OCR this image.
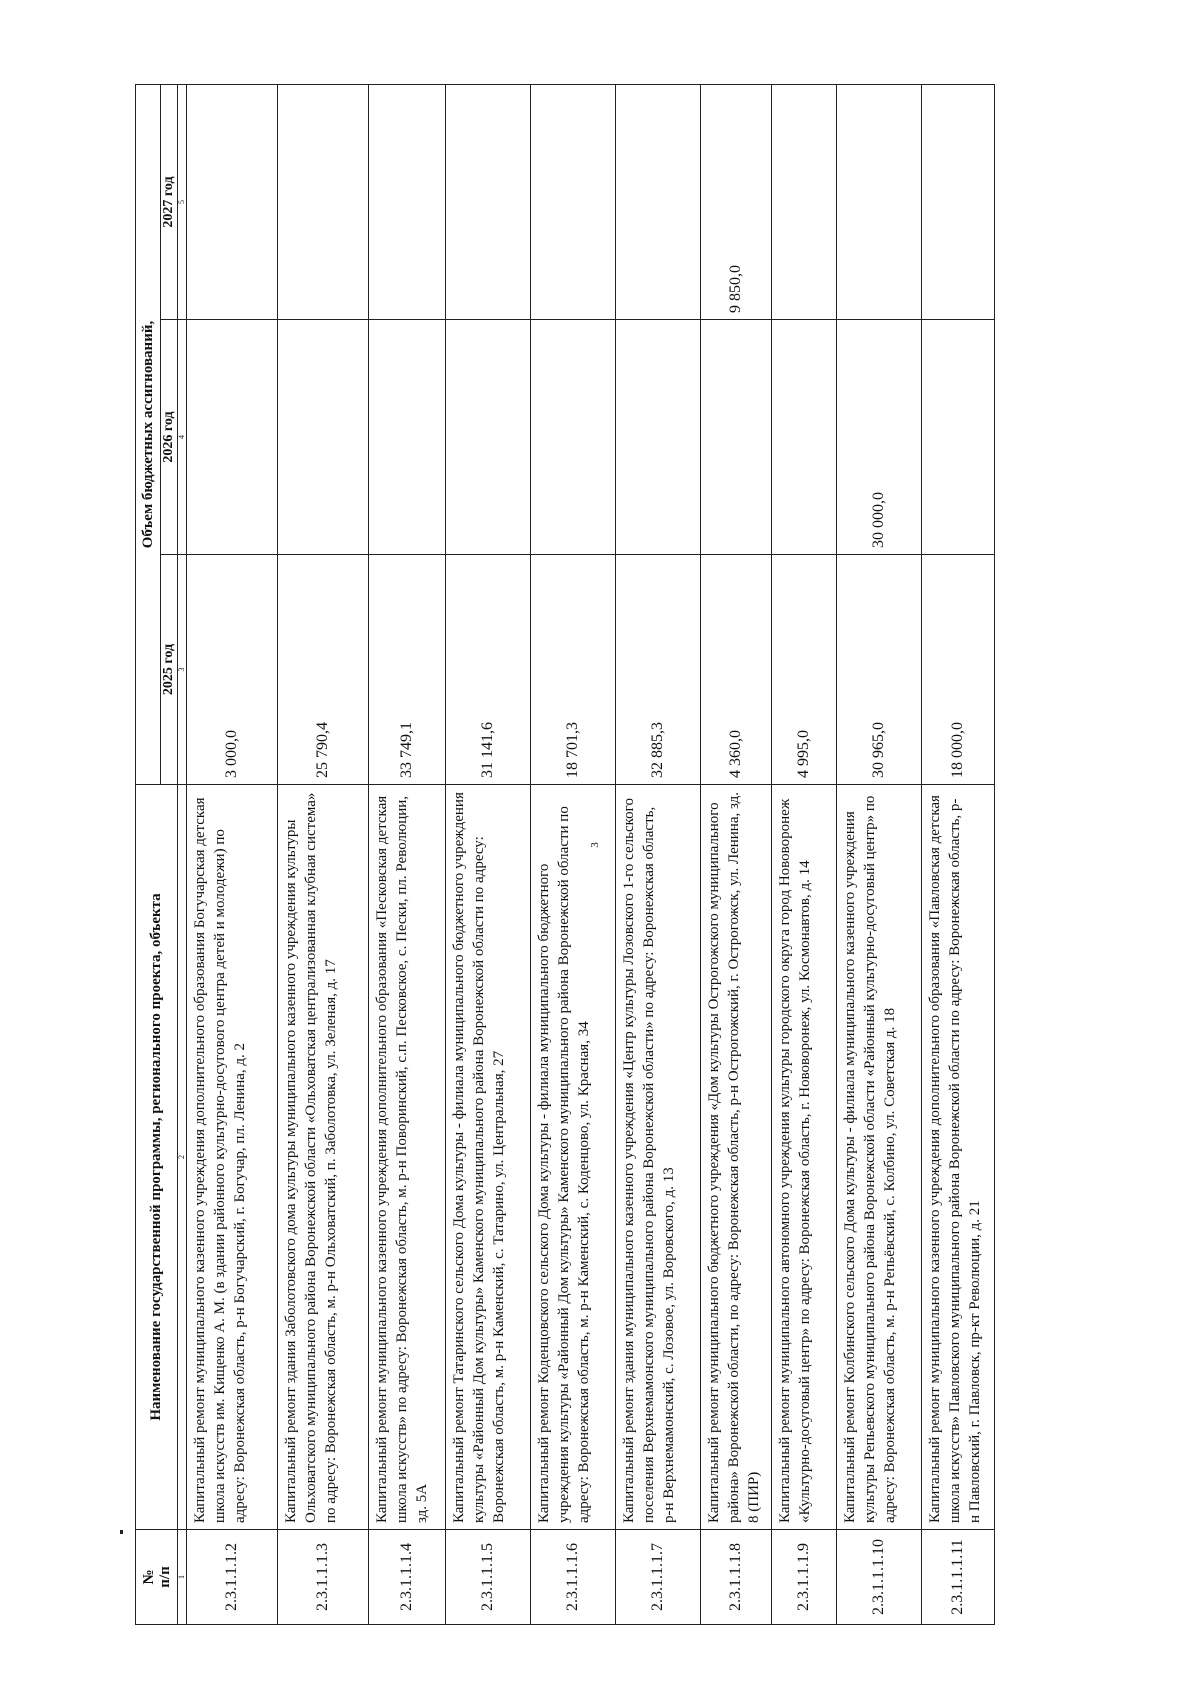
3
№
п/п	Наименование государственной программы, регионального проекта, объекта	Объем бюджетных ассигнований,		
		2025 год	2026 год	2027 год
1	2	3	4	5
2.3.1.1.1.2	Капитальный ремонт муниципального казенного учреждения дополнительного образования Богучарская детская школа искусств им. Кищенко А. М. (в здании районного культурно-досугового центра детей и молодежи) по адресу: Воронежская область, р-н Богучарский, г. Богучар, пл. Ленина, д. 2	3 000,0		
2.3.1.1.1.3	Капитальный ремонт здания Заболотовского дома культуры муниципального казенного учреждения культуры Ольховатского муниципального района Воронежской области «Ольховатская централизованная клубная система» по адресу: Воронежская область, м. р-н Ольховатский, п. Заболотовка, ул. Зеленая, д. 17	25 790,4		
2.3.1.1.1.4	Капитальный ремонт муниципального казенного учреждения дополнительного образования «Песковская детская школа искусств» по адресу: Воронежская область, м. р-н Поворинский, с.п. Песковское, с. Пески, пл. Революции, зд. 5А	33 749,1		
2.3.1.1.1.5	Капитальный ремонт Татаринского сельского Дома культуры - филиала муниципального бюджетного учреждения культуры «Районный Дом культуры» Каменского муниципального района Воронежской области по адресу: Воронежская область, м. р-н Каменский, с. Татарино, ул. Центральная, 27	31 141,6		
2.3.1.1.1.6	Капитальный ремонт Коденцовского сельского Дома культуры - филиала муниципального бюджетного учреждения культуры «Районный Дом культуры» Каменского муниципального района Воронежской области по адресу: Воронежская область, м. р-н Каменский, с. Коденцово, ул. Красная, 34	18 701,3		
2.3.1.1.1.7	Капитальный ремонт здания муниципального казенного учреждения «Центр культуры Лозовского 1-го сельского поселения Верхнемамонского муниципального района Воронежской области» по адресу: Воронежская область, р-н Верхнемамонский, с. Лозовое, ул. Воровского, д. 13	32 885,3		
2.3.1.1.1.8	Капитальный ремонт муниципального бюджетного учреждения «Дом культуры Острогожского муниципального района» Воронежской области, по адресу: Воронежская область, р-н Острогожский, г. Острогожск, ул. Ленина, зд. 8 (ПИР)	4 360,0		9 850,0
2.3.1.1.1.9	Капитальный ремонт муниципального автономного учреждения культуры городского округа город Нововоронеж «Культурно-досуговый центр» по адресу: Воронежская область, г. Нововоронеж, ул. Космонавтов, д. 14	4 995,0		
2.3.1.1.1.10	Капитальный ремонт Колбинского сельского Дома культуры - филиала муниципального казенного учреждения культуры Репьевского муниципального района Воронежской области «Районный культурно-досуговый центр» по адресу: Воронежская область, м. р-н Репьёвский, с. Колбино, ул. Советская д. 18	30 965,0	30 000,0	
2.3.1.1.1.11	Капитальный ремонт муниципального казенного учреждения дополнительного образования «Павловская детская школа искусств» Павловского муниципального района Воронежской области по адресу: Воронежская область, р-н Павловский, г. Павловск, пр-кт Революции, д. 21	18 000,0		
